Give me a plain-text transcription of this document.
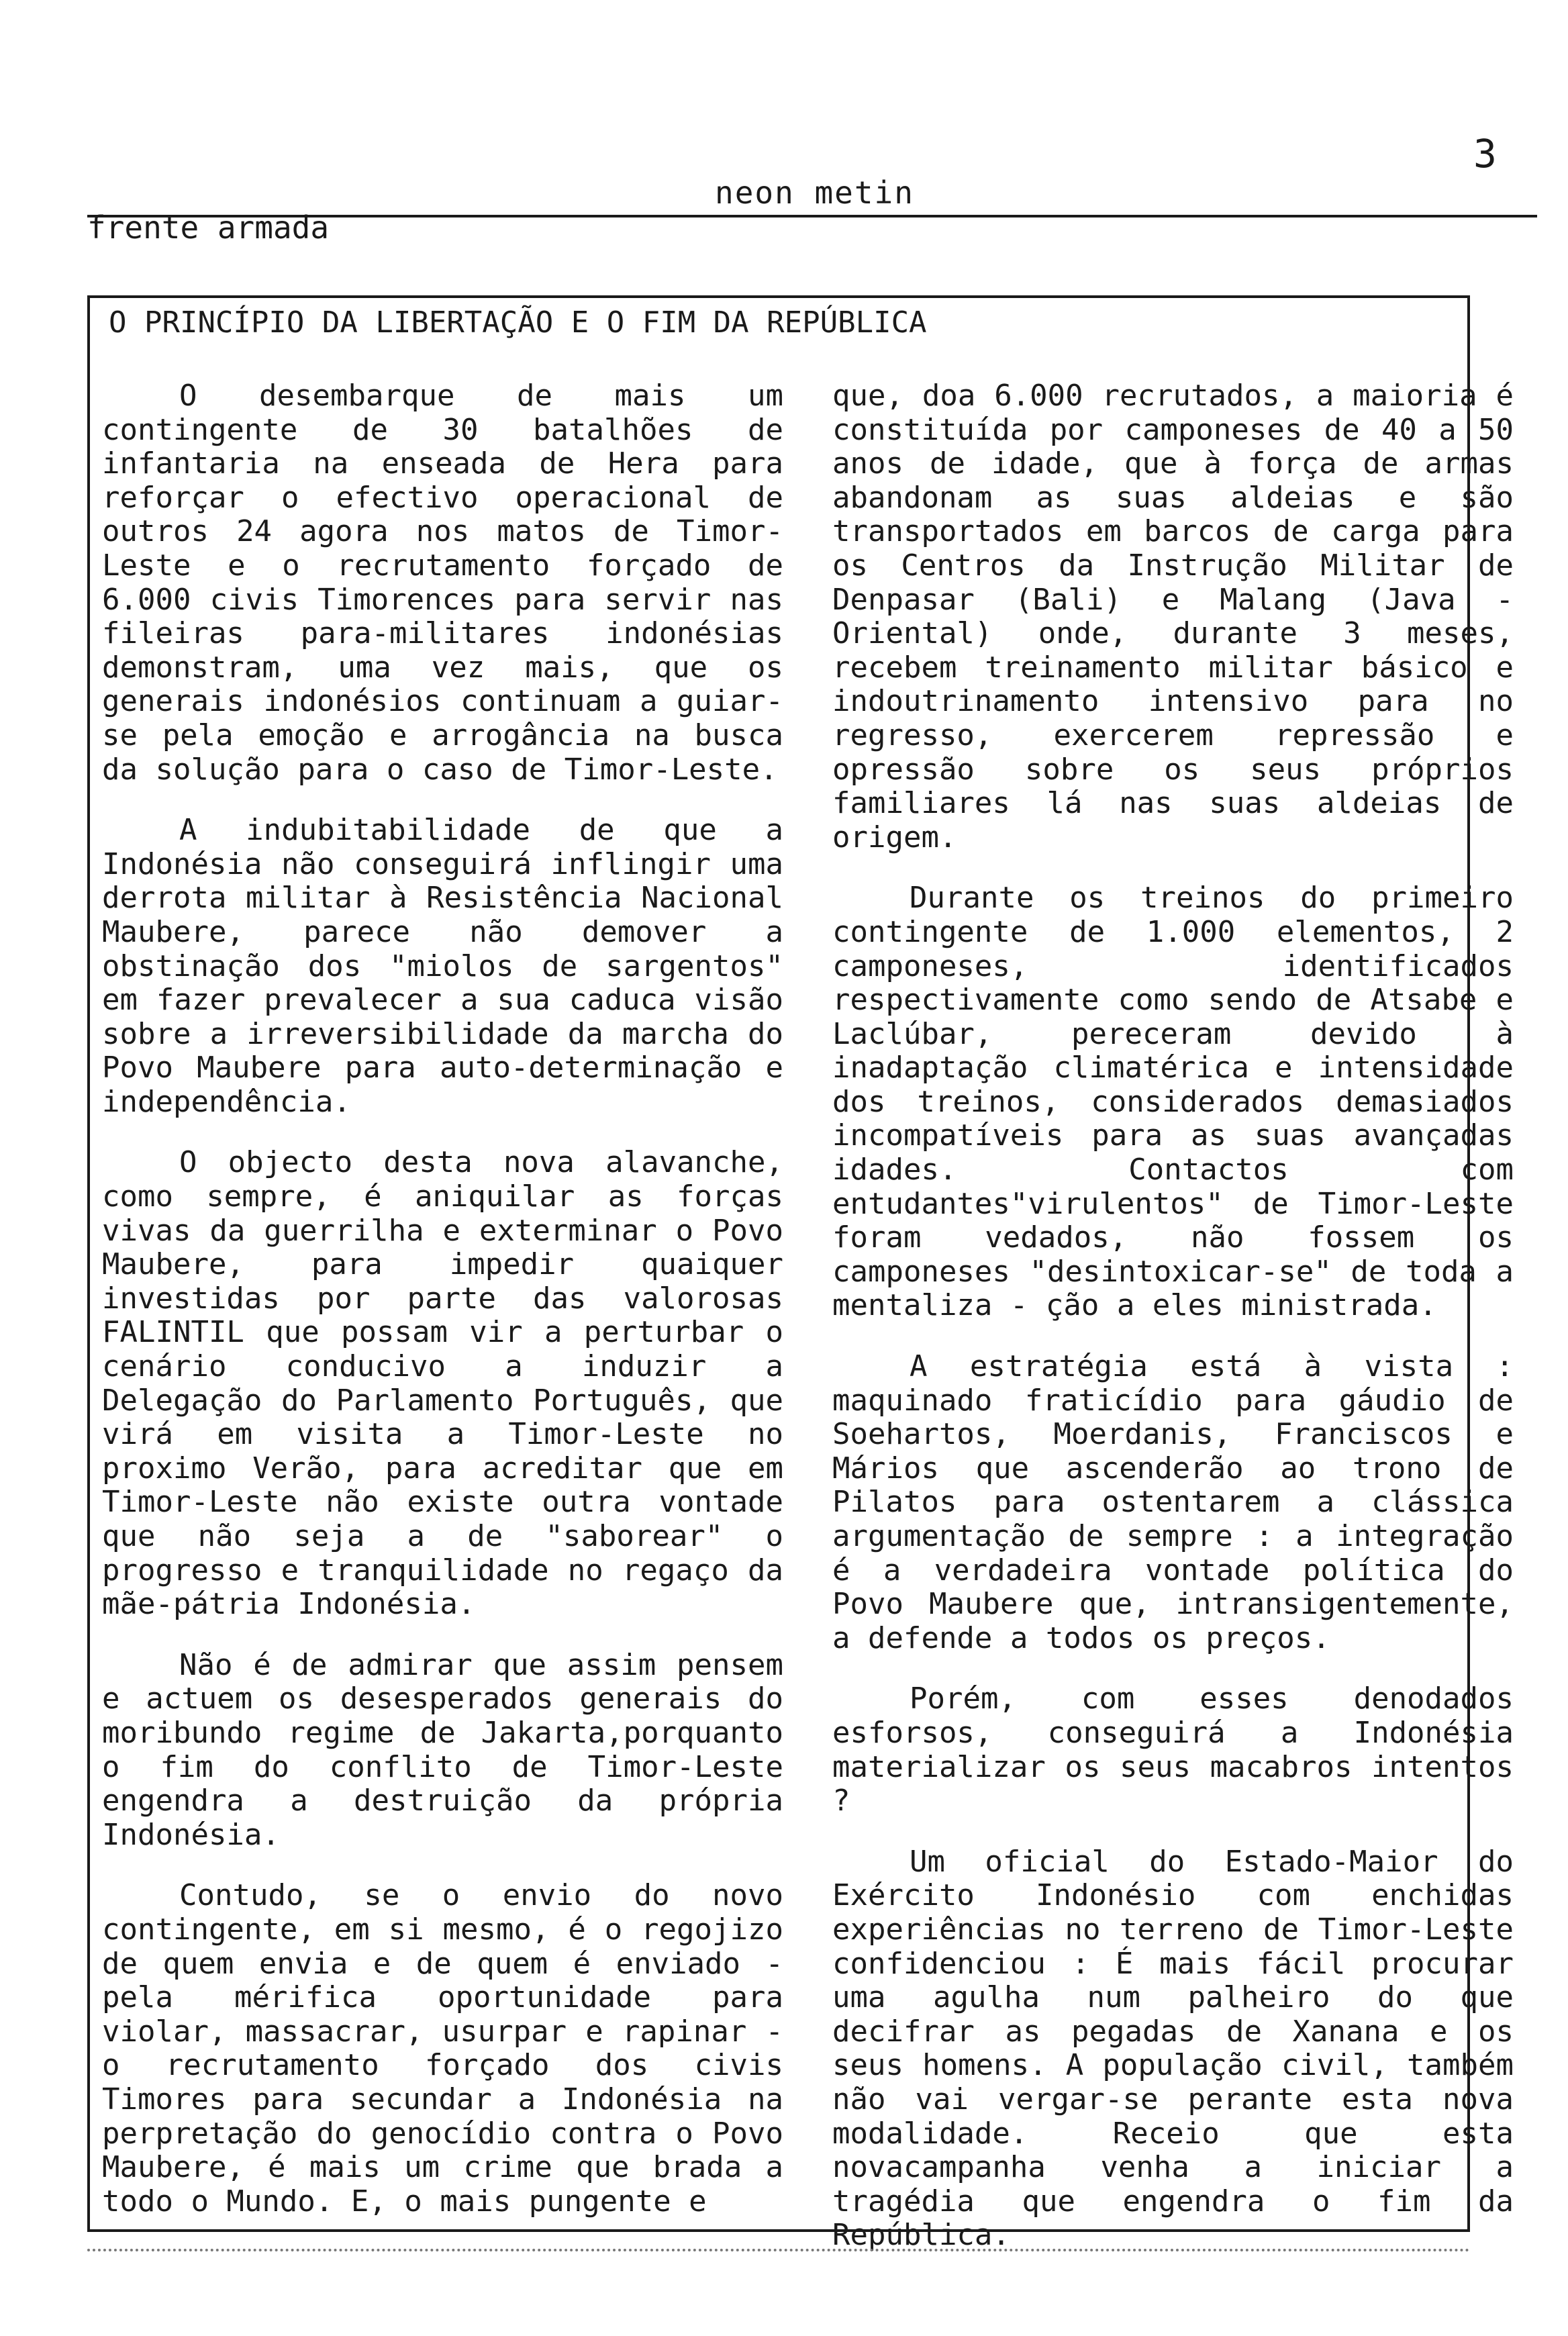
3
neon metin
frente armada
O PRINCÍPIO DA LIBERTAÇÃO E O FIM DA REPÚBLICA

O desembarque de mais um contingente de 30 batalhões de infantaria na enseada de Hera para reforçar o efectivo operacional de outros 24 agora nos matos de Timor-Leste e o recrutamento forçado de 6.000 civis Timorences para servir nas fileiras para-militares indonésias demonstram, uma vez mais, que os generais indonésios continuam a guiar-se pela emoção e arrogância na busca da solução para o caso de Timor-Leste.

A indubitabilidade de que a Indonésia não conseguirá inflingir uma derrota militar à Resistência Nacional Maubere, parece não demover a obstinação dos "miolos de sargentos" em fazer prevalecer a sua caduca visão sobre a irreversibilidade da marcha do Povo Maubere para auto-determinação e independência.

O objecto desta nova alavanche, como sempre, é aniquilar as forças vivas da guerrilha e exterminar o Povo Maubere, para impedir quaiquer investidas por parte das valorosas FALINTIL que possam vir a perturbar o cenário conducivo a induzir a Delegação do Parlamento Português, que virá em visita a Timor-Leste no proximo Verão, para acreditar que em Timor-Leste não existe outra vontade que não seja a de "saborear" o progresso e tranquilidade no regaço da mãe-pátria Indonésia.

Não é de admirar que assim pensem e actuem os desesperados generais do moribundo regime de Jakarta,porquanto o fim do conflito de Timor-Leste engendra a destruição da própria Indonésia.

Contudo, se o envio do novo contingente, em si mesmo, é o regojizo de quem envia e de quem é enviado - pela mérifica oportunidade para violar, massacrar, usurpar e rapinar - o recrutamento forçado dos civis Timores para secundar a Indonésia na perpretação do genocídio contra o Povo Maubere, é mais um crime que brada a todo o Mundo. E, o mais pungente e

que, doa 6.000 recrutados, a maioria é constituída por camponeses de 40 a 50 anos de idade, que à força de armas abandonam as suas aldeias e são transportados em barcos de carga para os Centros da Instrução Militar de Denpasar (Bali) e Malang (Java - Oriental) onde, durante 3 meses, recebem treinamento militar básico e indoutrinamento intensivo para no regresso, exercerem repressão e opressão sobre os seus próprios familiares lá nas suas aldeias de origem.

Durante os treinos do primeiro contingente de 1.000 elementos, 2 camponeses, identificados respectivamente como sendo de Atsabe e Laclúbar, pereceram devido à inadaptação climatérica e intensidade dos treinos, considerados demasiados incompatíveis para as suas avançadas idades. Contactos com entudantes"virulentos" de Timor-Leste foram vedados, não fossem os camponeses "desintoxicar-se" de toda a mentaliza - ção a eles ministrada.

A estratégia está à vista : maquinado fraticídio para gáudio de Soehartos, Moerdanis, Franciscos e Mários que ascenderão ao trono de Pilatos para ostentarem a clássica argumentação de sempre : a integração é a verdadeira vontade política do Povo Maubere que, intransigentemente, a defende a todos os preços.

Porém, com esses denodados esforsos, conseguirá a Indonésia materializar os seus macabros intentos ?

Um oficial do Estado-Maior do Exército Indonésio com enchidas experiências no terreno de Timor-Leste confidenciou : É mais fácil procurar uma agulha num palheiro do que decifrar as pegadas de Xanana e os seus homens. A população civil, também não vai vergar-se perante esta nova modalidade. Receio que esta novacampanha venha a iniciar a tragédia que engendra o fim da República.
